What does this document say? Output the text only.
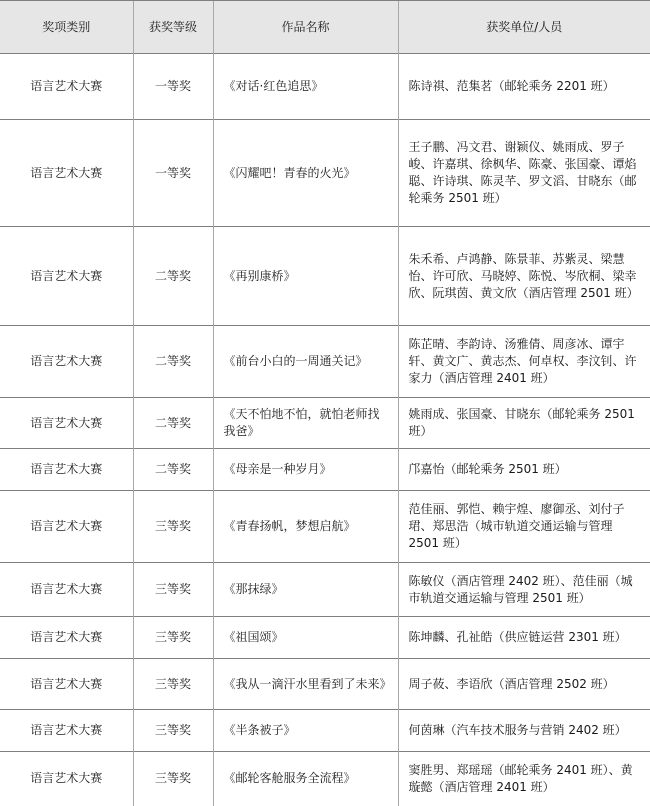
奖项类别	获奖等级	作品名称	获奖单位/人员
语言艺术大赛	一等奖	《对话·红色追思》	陈诗祺、范集茗（邮轮乘务 2201 班）
语言艺术大赛	一等奖	《闪耀吧！青春的火光》	王子鹏、冯文君、谢颖仪、姚雨成、罗子峻、许嘉琪、徐枫华、陈豪、张国豪、谭焰聪、许诗琪、陈灵芊、罗文滔、甘晓东（邮轮乘务 2501 班）
语言艺术大赛	二等奖	《再别康桥》	朱禾希、卢鸿静、陈景菲、苏紫灵、梁慧怡、许可欣、马晓婷、陈悦、岑欣桐、梁幸欣、阮琪茵、黄文欣（酒店管理 2501 班）
语言艺术大赛	二等奖	《前台小白的一周通关记》	陈芷晴、李韵诗、汤雅倩、周彦冰、谭宇轩、黄文广、黄志杰、何卓权、李汶钊、许家力（酒店管理 2401 班）
语言艺术大赛	二等奖	《天不怕地不怕，就怕老师找我爸》	姚雨成、张国豪、甘晓东（邮轮乘务 2501 班）
语言艺术大赛	二等奖	《母亲是一种岁月》	邝嘉怡（邮轮乘务 2501 班）
语言艺术大赛	三等奖	《青春扬帆，梦想启航》	范佳丽、郭恺、赖宇煌、廖御丞、刘付子珺、郑思浩（城市轨道交通运输与管理 2501 班）
语言艺术大赛	三等奖	《那抹绿》	陈敏仪（酒店管理 2402 班）、范佳丽（城市轨道交通运输与管理 2501 班）
语言艺术大赛	三等奖	《祖国颂》	陈坤麟、孔祉皓（供应链运营 2301 班）
语言艺术大赛	三等奖	《我从一滴汗水里看到了未来》	周子莜、李语欣（酒店管理 2502 班）
语言艺术大赛	三等奖	《半条被子》	何茵琳（汽车技术服务与营销 2402 班）
语言艺术大赛	三等奖	《邮轮客舱服务全流程》	窦胜男、郑瑶瑶（邮轮乘务 2401 班）、黄璇懿（酒店管理 2401 班）
